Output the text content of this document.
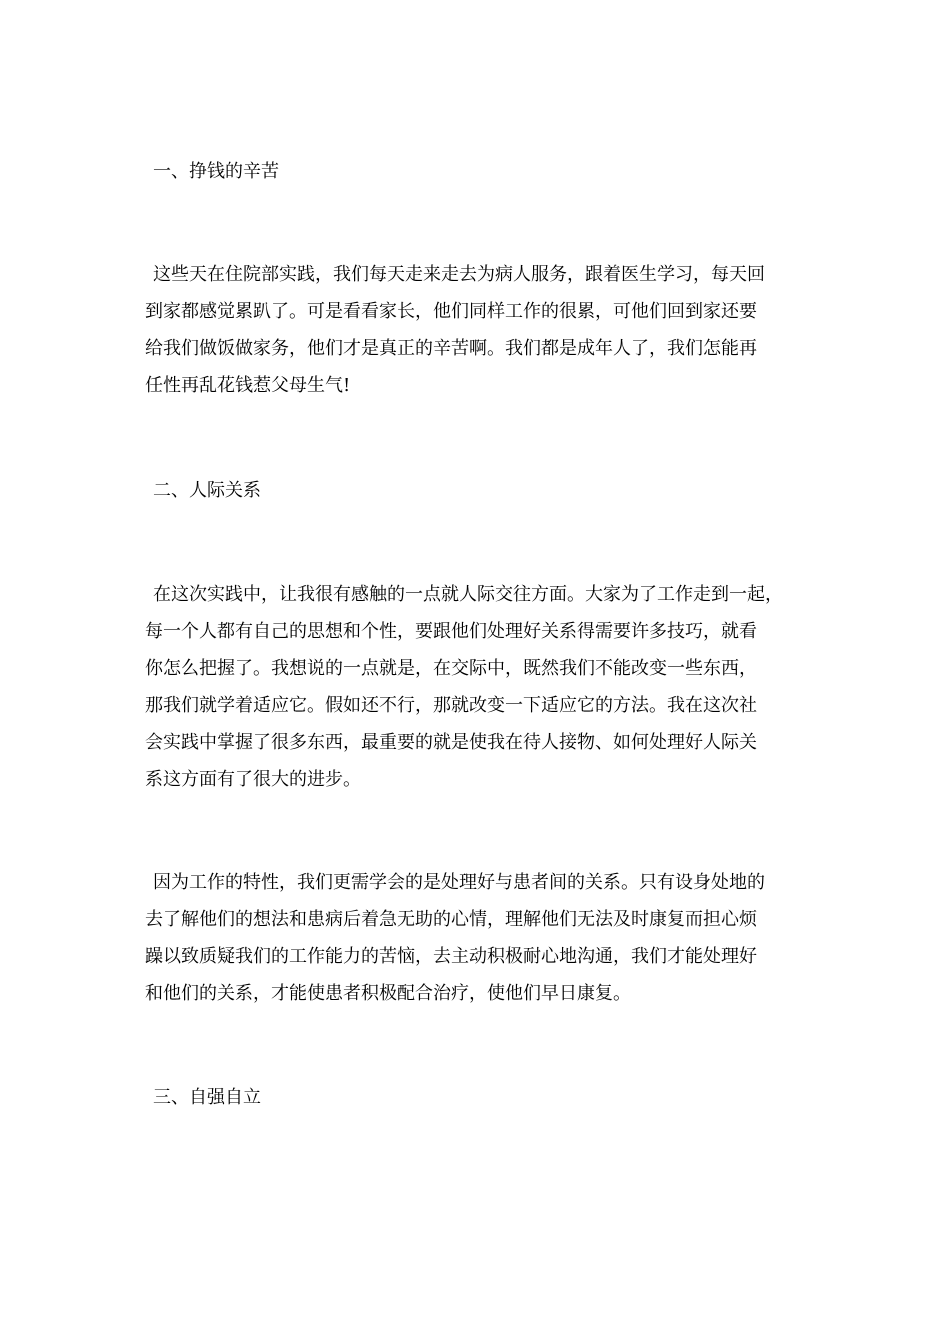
一、挣钱的辛苦
这些天在住院部实践，我们每天走来走去为病人服务，跟着医生学习，每天回
到家都感觉累趴了。可是看看家长，他们同样工作的很累，可他们回到家还要
给我们做饭做家务，他们才是真正的辛苦啊。我们都是成年人了，我们怎能再
任性再乱花钱惹父母生气!
二、人际关系
在这次实践中，让我很有感触的一点就人际交往方面。大家为了工作走到一起，
每一个人都有自己的思想和个性，要跟他们处理好关系得需要许多技巧，就看
你怎么把握了。我想说的一点就是，在交际中，既然我们不能改变一些东西，
那我们就学着适应它。假如还不行，那就改变一下适应它的方法。我在这次社
会实践中掌握了很多东西，最重要的就是使我在待人接物、如何处理好人际关
系这方面有了很大的进步。
因为工作的特性，我们更需学会的是处理好与患者间的关系。只有设身处地的
去了解他们的想法和患病后着急无助的心情，理解他们无法及时康复而担心烦
躁以致质疑我们的工作能力的苦恼，去主动积极耐心地沟通，我们才能处理好
和他们的关系，才能使患者积极配合治疗，使他们早日康复。
三、自强自立
